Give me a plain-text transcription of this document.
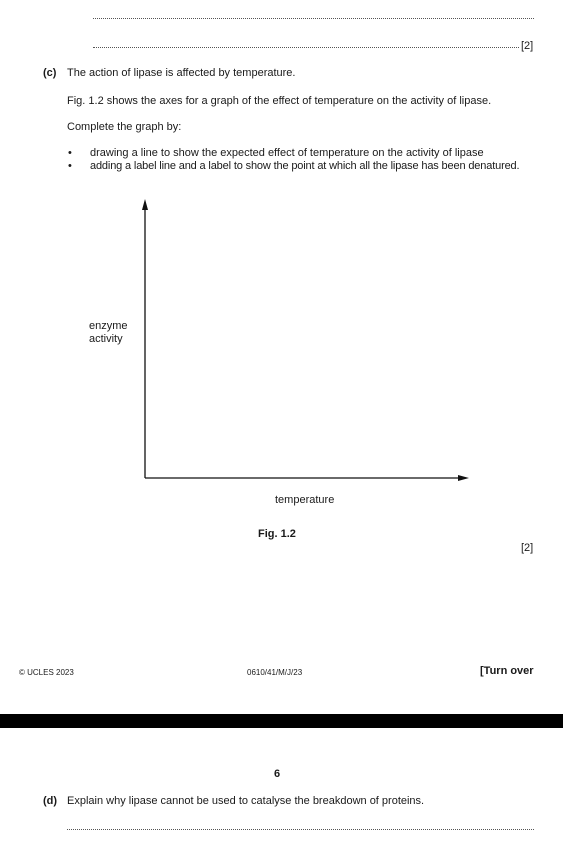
[2]
(c) The action of lipase is affected by temperature.
Fig. 1.2 shows the axes for a graph of the effect of temperature on the activity of lipase.
Complete the graph by:
• drawing a line to show the expected effect of temperature on the activity of lipase
• adding a label line and a label to show the point at which all the lipase has been denatured.
enzyme
activity
temperature
Fig. 1.2
[2]
© UCLES 2023	0610/41/M/J/23	[Turn over
6
(d) Explain why lipase cannot be used to catalyse the breakdown of proteins.
